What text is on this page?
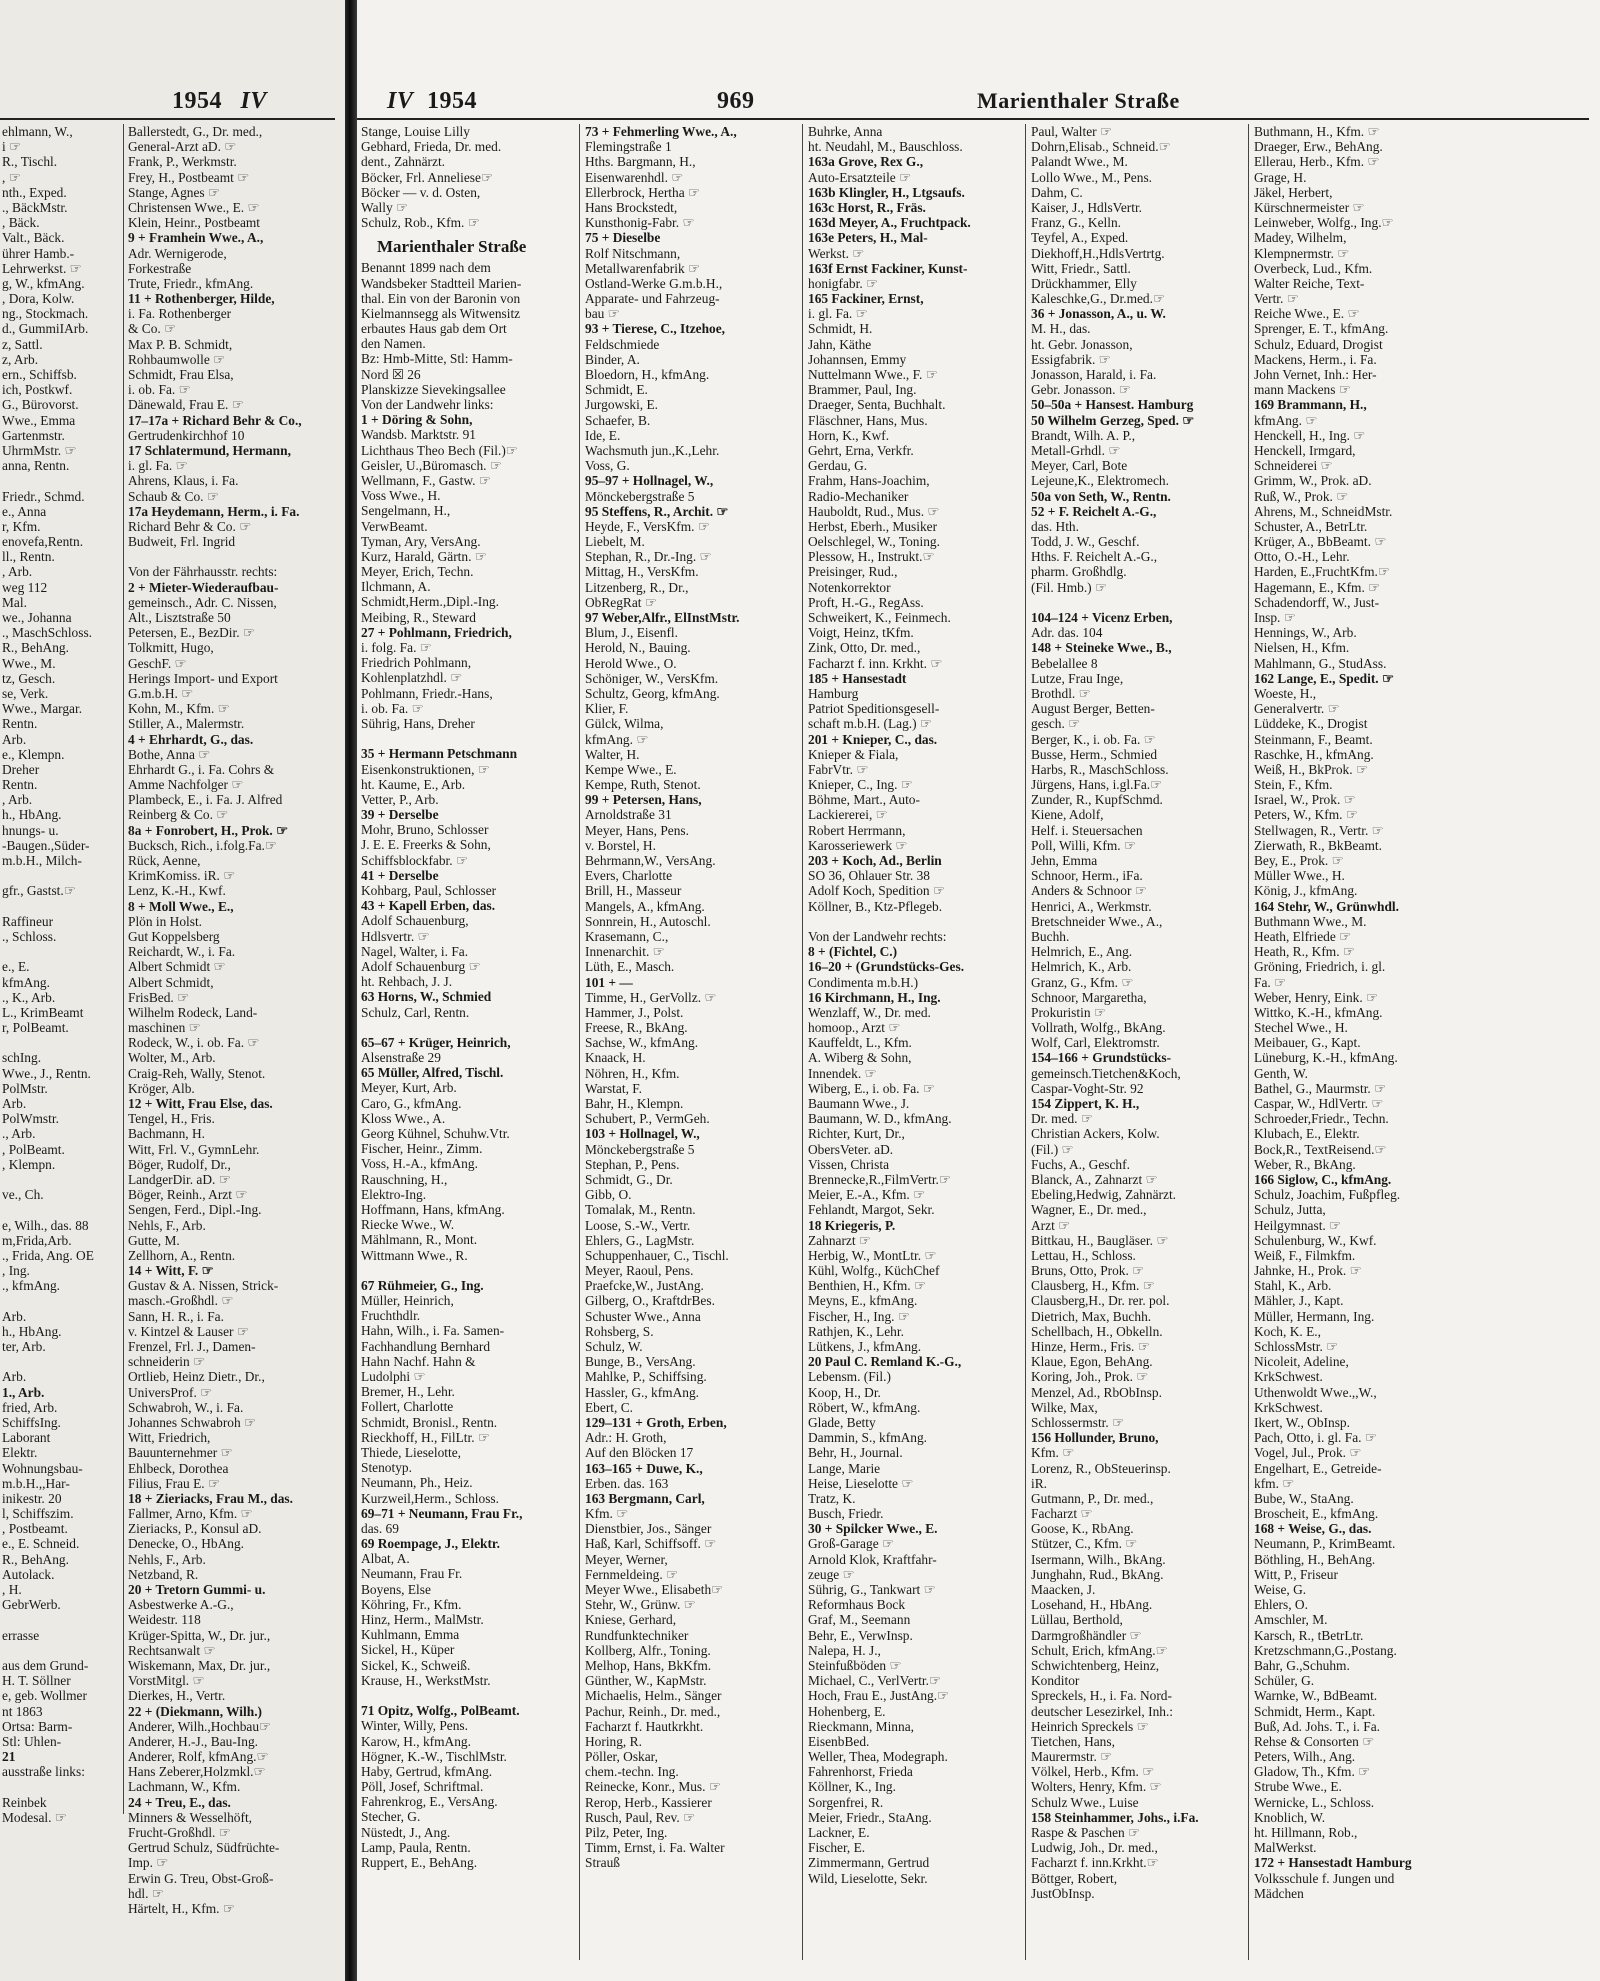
1954 IV
ehlmann, W.,
i ☞
R., Tischl.
, ☞
nth., Exped.
., BäckMstr.
, Bäck.
Valt., Bäck.
ührer Hamb.-
Lehrwerkst. ☞
g, W., kfmAng.
, Dora, Kolw.
ng., Stockmach.
d., GummiIArb.
z, Sattl.
z, Arb.
ern., Schiffsb.
ich, Postkwf.
G., Bürovorst.
Wwe., Emma
Gartenmstr.
UhrmMstr. ☞
anna, Rentn.
Friedr., Schmd.
e., Anna
r, Kfm.
enovefa,Rentn.
ll., Rentn.
, Arb.
weg 112
Mal.
we., Johanna
., MaschSchloss.
R., BehAng.
Wwe., M.
tz, Gesch.
se, Verk.
Wwe., Margar.
Rentn.
Arb.
e., Klempn.
Dreher
Rentn.
, Arb.
h., HbAng.
hnungs- u.
-Baugen.,Süder-
m.b.H., Milch-
gfr., Gastst.☞
Raffineur
., Schloss.
e., E.
kfmAng.
., K., Arb.
L., KrimBeamt
r, PolBeamt.
schIng.
Wwe., J., Rentn.
PolMstr.
Arb.
PolWmstr.
., Arb.
, PolBeamt.
, Klempn.
ve., Ch.
e, Wilh., das. 88
m,Frida,Arb.
., Frida, Ang. OE
, Ing.
., kfmAng.
Arb.
h., HbAng.
ter, Arb.
Arb.
1., Arb.
fried, Arb.
SchiffsIng.
Laborant
Elektr.
Wohnungsbau-
m.b.H.,,Har-
inikestr. 20
l, Schiffszim.
, Postbeamt.
e., E. Schneid.
R., BehAng.
Autolack.
, H.
GebrWerb.
errasse
aus dem Grund-
H. T. Söllner
e, geb. Wollmer
nt 1863
Ortsa: Barm-
Stl: Uhlen-
21
ausstraße links:
Reinbek
Modesal. ☞
Ballerstedt, G., Dr. med.,
General-Arzt aD. ☞
Frank, P., Werkmstr.
Frey, H., Postbeamt ☞
Stange, Agnes ☞
Christensen Wwe., E. ☞
Klein, Heinr., Postbeamt
9 + Framhein Wwe., A.,
Adr. Wernigerode,
Forkestraße
Trute, Friedr., kfmAng.
11 + Rothenberger, Hilde,
i. Fa. Rothenberger
& Co. ☞
Max P. B. Schmidt,
Rohbaumwolle ☞
Schmidt, Frau Elsa,
i. ob. Fa. ☞
Dänewald, Frau E. ☞
17–17a + Richard Behr & Co.,
Gertrudenkirchhof 10
17 Schlatermund, Hermann,
i. gl. Fa. ☞
Ahrens, Klaus, i. Fa.
Schaub & Co. ☞
17a Heydemann, Herm., i. Fa.
Richard Behr & Co. ☞
Budweit, Frl. Ingrid
Von der Fährhausstr. rechts:
2 + Mieter-Wiederaufbau-
gemeinsch., Adr. C. Nissen,
Alt., Lisztstraße 50
Petersen, E., BezDir. ☞
Tolkmitt, Hugo,
GeschF. ☞
Herings Import- und Export
G.m.b.H. ☞
Kohn, M., Kfm. ☞
Stiller, A., Malermstr.
4 + Ehrhardt, G., das.
Bothe, Anna ☞
Ehrhardt G., i. Fa. Cohrs &
Amme Nachfolger ☞
Plambeck, E., i. Fa. J. Alfred
Reinberg & Co. ☞
8a + Fonrobert, H., Prok. ☞
Bucksch, Rich., i.folg.Fa.☞
Rück, Aenne,
KrimKomiss. iR. ☞
Lenz, K.-H., Kwf.
8 + Moll Wwe., E.,
Plön in Holst.
Gut Koppelsberg
Reichardt, W., i. Fa.
Albert Schmidt ☞
Albert Schmidt,
FrisBed. ☞
Wilhelm Rodeck, Land-
maschinen ☞
Rodeck, W., i. ob. Fa. ☞
Wolter, M., Arb.
Craig-Reh, Wally, Stenot.
Kröger, Alb.
12 + Witt, Frau Else, das.
Tengel, H., Fris.
Bachmann, H.
Witt, Frl. V., GymnLehr.
Böger, Rudolf, Dr.,
LandgerDir. aD. ☞
Böger, Reinh., Arzt ☞
Sengen, Ferd., Dipl.-Ing.
Nehls, F., Arb.
Gutte, M.
Zellhorn, A., Rentn.
14 + Witt, F. ☞
Gustav & A. Nissen, Strick-
masch.-Großhdl. ☞
Sann, H. R., i. Fa.
v. Kintzel & Lauser ☞
Frenzel, Frl. J., Damen-
schneiderin ☞
Ortlieb, Heinz Dietr., Dr.,
UniversProf. ☞
Schwabroh, W., i. Fa.
Johannes Schwabroh ☞
Witt, Friedrich,
Bauunternehmer ☞
Ehlbeck, Dorothea
Filius, Frau E. ☞
18 + Zieriacks, Frau M., das.
Fallmer, Arno, Kfm. ☞
Zieriacks, P., Konsul aD.
Denecke, O., HbAng.
Nehls, F., Arb.
Netzband, R.
20 + Tretorn Gummi- u.
Asbestwerke A.-G.,
Weidestr. 118
Krüger-Spitta, W., Dr. jur.,
Rechtsanwalt ☞
Wiskemann, Max, Dr. jur.,
VorstMitgl. ☞
Dierkes, H., Vertr.
22 + (Diekmann, Wilh.)
Anderer, Wilh.,Hochbau☞
Anderer, H.-J., Bau-Ing.
Anderer, Rolf, kfmAng.☞
Hans Zeberer,Holzmkl.☞
Lachmann, W., Kfm.
24 + Treu, E., das.
Minners & Wesselhöft,
Frucht-Großhdl. ☞
Gertrud Schulz, Südfrüchte-
Imp. ☞
Erwin G. Treu, Obst-Groß-
hdl. ☞
Härtelt, H., Kfm. ☞
IV 1954	969	Marienthaler Straße
Stange, Louise Lilly
Gebhard, Frieda, Dr. med.
dent., Zahnärzt.
Böcker, Frl. Anneliese☞
Böcker — v. d. Osten,
Wally ☞
Schulz, Rob., Kfm. ☞
Marienthaler Straße
Benannt 1899 nach dem
Wandsbeker Stadtteil Marien-
thal. Ein von der Baronin von
Kielmannsegg als Witwensitz
erbautes Haus gab dem Ort
den Namen.
Bz: Hmb-Mitte, Stl: Hamm-
Nord ☒ 26
Planskizze Sievekingsallee
Von der Landwehr links:
1 + Döring & Sohn,
Wandsb. Marktstr. 91
Lichthaus Theo Bech (Fil.)☞
Geisler, U.,Büromasch. ☞
Wellmann, F., Gastw. ☞
Voss Wwe., H.
Sengelmann, H.,
VerwBeamt.
Tyman, Ary, VersAng.
Kurz, Harald, Gärtn. ☞
Meyer, Erich, Techn.
Ilchmann, A.
Schmidt,Herm.,Dipl.-Ing.
Meibing, R., Steward
27 + Pohlmann, Friedrich,
i. folg. Fa. ☞
Friedrich Pohlmann,
Kohlenplatzhdl. ☞
Pohlmann, Friedr.-Hans,
i. ob. Fa. ☞
Sührig, Hans, Dreher
35 + Hermann Petschmann
Eisenkonstruktionen, ☞
ht. Kaume, E., Arb.
Vetter, P., Arb.
39 + Derselbe
Mohr, Bruno, Schlosser
J. E. E. Freerks & Sohn,
Schiffsblockfabr. ☞
41 + Derselbe
Kohbarg, Paul, Schlosser
43 + Kapell Erben, das.
Adolf Schauenburg,
Hdlsvertr. ☞
Nagel, Walter, i. Fa.
Adolf Schauenburg ☞
ht. Rehbach, J. J.
63 Horns, W., Schmied
Schulz, Carl, Rentn.
65–67 + Krüger, Heinrich,
Alsenstraße 29
65 Müller, Alfred, Tischl.
Meyer, Kurt, Arb.
Caro, G., kfmAng.
Kloss Wwe., A.
Georg Kühnel, Schuhw.Vtr.
Fischer, Heinr., Zimm.
Voss, H.-A., kfmAng.
Rauschning, H.,
Elektro-Ing.
Hoffmann, Hans, kfmAng.
Riecke Wwe., W.
Mählmann, R., Mont.
Wittmann Wwe., R.
67 Rühmeier, G., Ing.
Müller, Heinrich,
Fruchthdlr.
Hahn, Wilh., i. Fa. Samen-
Fachhandlung Bernhard
Hahn Nachf. Hahn &
Ludolphi ☞
Bremer, H., Lehr.
Follert, Charlotte
Schmidt, Bronisl., Rentn.
Rieckhoff, H., FilLtr. ☞
Thiede, Lieselotte,
Stenotyp.
Neumann, Ph., Heiz.
Kurzweil,Herm., Schloss.
69–71 + Neumann, Frau Fr.,
das. 69
69 Roempage, J., Elektr.
Albat, A.
Neumann, Frau Fr.
Boyens, Else
Köhring, Fr., Kfm.
Hinz, Herm., MalMstr.
Kuhlmann, Emma
Sickel, H., Küper
Sickel, K., Schweiß.
Krause, H., WerkstMstr.
71 Opitz, Wolfg., PolBeamt.
Winter, Willy, Pens.
Karow, H., kfmAng.
Högner, K.-W., TischlMstr.
Haby, Gertrud, kfmAng.
Pöll, Josef, Schriftmal.
Fahrenkrog, E., VersAng.
Stecher, G.
Nüstedt, J., Ang.
Lamp, Paula, Rentn.
Ruppert, E., BehAng.
73 + Fehmerling Wwe., A.,
Flemingstraße 1
Hths. Bargmann, H.,
Eisenwarenhdl. ☞
Ellerbrock, Hertha ☞
Hans Brockstedt,
Kunsthonig-Fabr. ☞
75 + Dieselbe
Rolf Nitschmann,
Metallwarenfabrik ☞
Ostland-Werke G.m.b.H.,
Apparate- und Fahrzeug-
bau ☞
93 + Tierese, C., Itzehoe,
Feldschmiede
Binder, A.
Bloedorn, H., kfmAng.
Schmidt, E.
Jurgowski, E.
Schaefer, B.
Ide, E.
Wachsmuth jun.,K.,Lehr.
Voss, G.
95–97 + Hollnagel, W.,
Mönckebergstraße 5
95 Steffens, R., Archit. ☞
Heyde, F., VersKfm. ☞
Liebelt, M.
Stephan, R., Dr.-Ing. ☞
Mittag, H., VersKfm.
Litzenberg, R., Dr.,
ObRegRat ☞
97 Weber,Alfr., ElInstMstr.
Blum, J., Eisenfl.
Herold, N., Bauing.
Herold Wwe., O.
Schöniger, W., VersKfm.
Schultz, Georg, kfmAng.
Klier, F.
Gülck, Wilma,
kfmAng. ☞
Walter, H.
Kempe Wwe., E.
Kempe, Ruth, Stenot.
99 + Petersen, Hans,
Arnoldstraße 31
Meyer, Hans, Pens.
v. Borstel, H.
Behrmann,W., VersAng.
Evers, Charlotte
Brill, H., Masseur
Mangels, A., kfmAng.
Sonnrein, H., Autoschl.
Krasemann, C.,
Innenarchit. ☞
Lüth, E., Masch.
101 + —
Timme, H., GerVollz. ☞
Hammer, J., Polst.
Freese, R., BkAng.
Sachse, W., kfmAng.
Knaack, H.
Nöhren, H., Kfm.
Warstat, F.
Bahr, H., Klempn.
Schubert, P., VermGeh.
103 + Hollnagel, W.,
Mönckebergstraße 5
Stephan, P., Pens.
Schmidt, G., Dr.
Gibb, O.
Tomalak, M., Rentn.
Loose, S.-W., Vertr.
Ehlers, G., LagMstr.
Schuppenhauer, C., Tischl.
Meyer, Raoul, Pens.
Praefcke,W., JustAng.
Gilberg, O., KraftdrBes.
Schuster Wwe., Anna
Rohsberg, S.
Schulz, W.
Bunge, B., VersAng.
Mahlke, P., Schiffsing.
Hassler, G., kfmAng.
Ebert, C.
129–131 + Groth, Erben,
Adr.: H. Groth,
Auf den Blöcken 17
163–165 + Duwe, K.,
Erben. das. 163
163 Bergmann, Carl,
Kfm. ☞
Dienstbier, Jos., Sänger
Haß, Karl, Schiffsoff. ☞
Meyer, Werner,
Fernmeldeing. ☞
Meyer Wwe., Elisabeth☞
Stehr, W., Grünw. ☞
Kniese, Gerhard,
Rundfunktechniker
Kollberg, Alfr., Toning.
Melhop, Hans, BkKfm.
Günther, W., KapMstr.
Michaelis, Helm., Sänger
Pachur, Reinh., Dr. med.,
Facharzt f. Hautkrkht.
Horing, R.
Pöller, Oskar,
chem.-techn. Ing.
Reinecke, Konr., Mus. ☞
Rerop, Herb., Kassierer
Rusch, Paul, Rev. ☞
Pilz, Peter, Ing.
Timm, Ernst, i. Fa. Walter
Strauß
Buhrke, Anna
ht. Neudahl, M., Bauschloss.
163a Grove, Rex G.,
Auto-Ersatzteile ☞
163b Klingler, H., Ltgsaufs.
163c Horst, R., Fräs.
163d Meyer, A., Fruchtpack.
163e Peters, H., Mal-
Werkst. ☞
163f Ernst Fackiner, Kunst-
honigfabr. ☞
165 Fackiner, Ernst,
i. gl. Fa. ☞
Schmidt, H.
Jahn, Käthe
Johannsen, Emmy
Nuttelmann Wwe., F. ☞
Brammer, Paul, Ing.
Draeger, Senta, Buchhalt.
Fläschner, Hans, Mus.
Horn, K., Kwf.
Gehrt, Erna, Verkfr.
Gerdau, G.
Frahm, Hans-Joachim,
Radio-Mechaniker
Hauboldt, Rud., Mus. ☞
Herbst, Eberh., Musiker
Oelschlegel, W., Toning.
Plessow, H., Instrukt.☞
Preisinger, Rud.,
Notenkorrektor
Proft, H.-G., RegAss.
Schweikert, K., Feinmech.
Voigt, Heinz, tKfm.
Zink, Otto, Dr. med.,
Facharzt f. inn. Krkht. ☞
185 + Hansestadt
Hamburg
Patriot Speditionsgesell-
schaft m.b.H. (Lag.) ☞
201 + Knieper, C., das.
Knieper & Fiala,
FabrVtr. ☞
Knieper, C., Ing. ☞
Böhme, Mart., Auto-
Lackiererei, ☞
Robert Herrmann,
Karosseriewerk ☞
203 + Koch, Ad., Berlin
SO 36, Ohlauer Str. 38
Adolf Koch, Spedition ☞
Köllner, B., Ktz-Pflegeb.
Von der Landwehr rechts:
8 + (Fichtel, C.)
16–20 + (Grundstücks-Ges.
Condimenta m.b.H.)
16 Kirchmann, H., Ing.
Wenzlaff, W., Dr. med.
homoop., Arzt ☞
Kauffeldt, L., Kfm.
A. Wiberg & Sohn,
Innendek. ☞
Wiberg, E., i. ob. Fa. ☞
Baumann Wwe., J.
Baumann, W. D., kfmAng.
Richter, Kurt, Dr.,
ObersVeter. aD.
Vissen, Christa
Brennecke,R.,FilmVertr.☞
Meier, E.-A., Kfm. ☞
Fehlandt, Margot, Sekr.
18 Kriegeris, P.
Zahnarzt ☞
Herbig, W., MontLtr. ☞
Kühl, Wolfg., KüchChef
Benthien, H., Kfm. ☞
Meyns, E., kfmAng.
Fischer, H., Ing. ☞
Rathjen, K., Lehr.
Lütkens, J., kfmAng.
20 Paul C. Remland K.-G.,
Lebensm. (Fil.)
Koop, H., Dr.
Röbert, W., kfmAng.
Glade, Betty
Dammin, S., kfmAng.
Behr, H., Journal.
Lange, Marie
Heise, Lieselotte ☞
Tratz, K.
Busch, Friedr.
30 + Spilcker Wwe., E.
Groß-Garage ☞
Arnold Klok, Kraftfahr-
zeuge ☞
Sührig, G., Tankwart ☞
Reformhaus Bock
Graf, M., Seemann
Behr, E., VerwInsp.
Nalepa, H. J.,
Steinfußböden ☞
Michael, C., VerlVertr.☞
Hoch, Frau E., JustAng.☞
Hohenberg, E.
Rieckmann, Minna,
EisenbBed.
Weller, Thea, Modegraph.
Fahrenhorst, Frieda
Köllner, K., Ing.
Sorgenfrei, R.
Meier, Friedr., StaAng.
Lackner, E.
Fischer, E.
Zimmermann, Gertrud
Wild, Lieselotte, Sekr.
Paul, Walter ☞
Dohrn,Elisab., Schneid.☞
Palandt Wwe., M.
Lollo Wwe., M., Pens.
Dahm, C.
Kaiser, J., HdlsVertr.
Franz, G., Kelln.
Teyfel, A., Exped.
Diekhoff,H.,HdlsVertrtg.
Witt, Friedr., Sattl.
Drückhammer, Elly
Kaleschke,G., Dr.med.☞
36 + Jonasson, A., u. W.
M. H., das.
ht. Gebr. Jonasson,
Essigfabrik. ☞
Jonasson, Harald, i. Fa.
Gebr. Jonasson. ☞
50–50a + Hansest. Hamburg
50 Wilhelm Gerzeg, Sped. ☞
Brandt, Wilh. A. P.,
Metall-Grhdl. ☞
Meyer, Carl, Bote
Lejeune,K., Elektromech.
50a von Seth, W., Rentn.
52 + F. Reichelt A.-G.,
das. Hth.
Todd, J. W., Geschf.
Hths. F. Reichelt A.-G.,
pharm. Großhdlg.
(Fil. Hmb.) ☞
104–124 + Vicenz Erben,
Adr. das. 104
148 + Steineke Wwe., B.,
Bebelallee 8
Lutze, Frau Inge,
Brothdl. ☞
August Berger, Betten-
gesch. ☞
Berger, K., i. ob. Fa. ☞
Busse, Herm., Schmied
Harbs, R., MaschSchloss.
Jürgens, Hans, i.gl.Fa.☞
Zunder, R., KupfSchmd.
Kiene, Adolf,
Helf. i. Steuersachen
Poll, Willi, Kfm. ☞
Jehn, Emma
Schnoor, Herm., iFa.
Anders & Schnoor ☞
Henrici, A., Werkmstr.
Bretschneider Wwe., A.,
Buchh.
Helmrich, E., Ang.
Helmrich, K., Arb.
Granz, G., Kfm. ☞
Schnoor, Margaretha,
Prokuristin ☞
Vollrath, Wolfg., BkAng.
Wolf, Carl, Elektromstr.
154–166 + Grundstücks-
gemeinsch.Tietchen&Koch,
Caspar-Voght-Str. 92
154 Zippert, K. H.,
Dr. med. ☞
Christian Ackers, Kolw.
(Fil.) ☞
Fuchs, A., Geschf.
Blanck, A., Zahnarzt ☞
Ebeling,Hedwig, Zahnärzt.
Wagner, E., Dr. med.,
Arzt ☞
Bittkau, H., Baugläser. ☞
Lettau, H., Schloss.
Bruns, Otto, Prok. ☞
Clausberg, H., Kfm. ☞
Clausberg,H., Dr. rer. pol.
Dietrich, Max, Buchh.
Schellbach, H., Obkelln.
Hinze, Herm., Fris. ☞
Klaue, Egon, BehAng.
Koring, Joh., Prok. ☞
Menzel, Ad., RbObInsp.
Wilke, Max,
Schlossermstr. ☞
156 Hollunder, Bruno,
Kfm. ☞
Lorenz, R., ObSteuerinsp.
iR.
Gutmann, P., Dr. med.,
Facharzt ☞
Goose, K., RbAng.
Stützer, C., Kfm. ☞
Isermann, Wilh., BkAng.
Junghahn, Rud., BkAng.
Maacken, J.
Losehand, H., HbAng.
Lüllau, Berthold,
Darmgroßhändler ☞
Schult, Erich, kfmAng.☞
Schwichtenberg, Heinz,
Konditor
Spreckels, H., i. Fa. Nord-
deutscher Lesezirkel, Inh.:
Heinrich Spreckels ☞
Tietchen, Hans,
Maurermstr. ☞
Völkel, Herb., Kfm. ☞
Wolters, Henry, Kfm. ☞
Schulz Wwe., Luise
158 Steinhammer, Johs., i.Fa.
Raspe & Paschen ☞
Ludwig, Joh., Dr. med.,
Facharzt f. inn.Krkht.☞
Böttger, Robert,
JustObInsp.
Buthmann, H., Kfm. ☞
Draeger, Erw., BehAng.
Ellerau, Herb., Kfm. ☞
Grage, H.
Jäkel, Herbert,
Kürschnermeister ☞
Leinweber, Wolfg., Ing.☞
Madey, Wilhelm,
Klempnermstr. ☞
Overbeck, Lud., Kfm.
Walter Reiche, Text-
Vertr. ☞
Reiche Wwe., E. ☞
Sprenger, E. T., kfmAng.
Schulz, Eduard, Drogist
Mackens, Herm., i. Fa.
John Vernet, Inh.: Her-
mann Mackens ☞
169 Brammann, H.,
kfmAng. ☞
Henckell, H., Ing. ☞
Henckell, Irmgard,
Schneiderei ☞
Grimm, W., Prok. aD.
Ruß, W., Prok. ☞
Ahrens, M., SchneidMstr.
Schuster, A., BetrLtr.
Krüger, A., BbBeamt. ☞
Otto, O.-H., Lehr.
Harden, E.,FruchtKfm.☞
Hagemann, E., Kfm. ☞
Schadendorff, W., Just-
Insp. ☞
Hennings, W., Arb.
Nielsen, H., Kfm.
Mahlmann, G., StudAss.
162 Lange, E., Spedit. ☞
Woeste, H.,
Generalvertr. ☞
Lüddeke, K., Drogist
Steinmann, F., Beamt.
Raschke, H., kfmAng.
Weiß, H., BkProk. ☞
Stein, F., Kfm.
Israel, W., Prok. ☞
Peters, W., Kfm. ☞
Stellwagen, R., Vertr. ☞
Zierwath, R., BkBeamt.
Bey, E., Prok. ☞
Müller Wwe., H.
König, J., kfmAng.
164 Stehr, W., Grünwhdl.
Buthmann Wwe., M.
Heath, Elfriede ☞
Heath, R., Kfm. ☞
Gröning, Friedrich, i. gl.
Fa. ☞
Weber, Henry, Eink. ☞
Wittko, K.-H., kfmAng.
Stechel Wwe., H.
Meibauer, G., Kapt.
Lüneburg, K.-H., kfmAng.
Genth, W.
Bathel, G., Maurmstr. ☞
Caspar, W., HdlVertr. ☞
Schroeder,Friedr., Techn.
Klubach, E., Elektr.
Bock,R., TextReisend.☞
Weber, R., BkAng.
166 Siglow, C., kfmAng.
Schulz, Joachim, Fußpfleg.
Schulz, Jutta,
Heilgymnast. ☞
Schulenburg, W., Kwf.
Weiß, F., Filmkfm.
Jahnke, H., Prok. ☞
Stahl, K., Arb.
Mähler, J., Kapt.
Müller, Hermann, Ing.
Koch, K. E.,
SchlossMstr. ☞
Nicoleit, Adeline,
KrkSchwest.
Uthenwoldt Wwe.,,W.,
KrkSchwest.
Ikert, W., ObInsp.
Pach, Otto, i. gl. Fa. ☞
Vogel, Jul., Prok. ☞
Engelhart, E., Getreide-
kfm. ☞
Bube, W., StaAng.
Broscheit, E., kfmAng.
168 + Weise, G., das.
Neumann, P., KrimBeamt.
Böthling, H., BehAng.
Witt, P., Friseur
Weise, G.
Ehlers, O.
Amschler, M.
Karsch, R., tBetrLtr.
Kretzschmann,G.,Postang.
Bahr, G.,Schuhm.
Schüler, G.
Warnke, W., BdBeamt.
Schmidt, Herm., Kapt.
Buß, Ad. Johs. T., i. Fa.
Rehse & Consorten ☞
Peters, Wilh., Ang.
Gladow, Th., Kfm. ☞
Strube Wwe., E.
Wernicke, L., Schloss.
Knoblich, W.
ht. Hillmann, Rob.,
MalWerkst.
172 + Hansestadt Hamburg
Volksschule f. Jungen und
Mädchen
